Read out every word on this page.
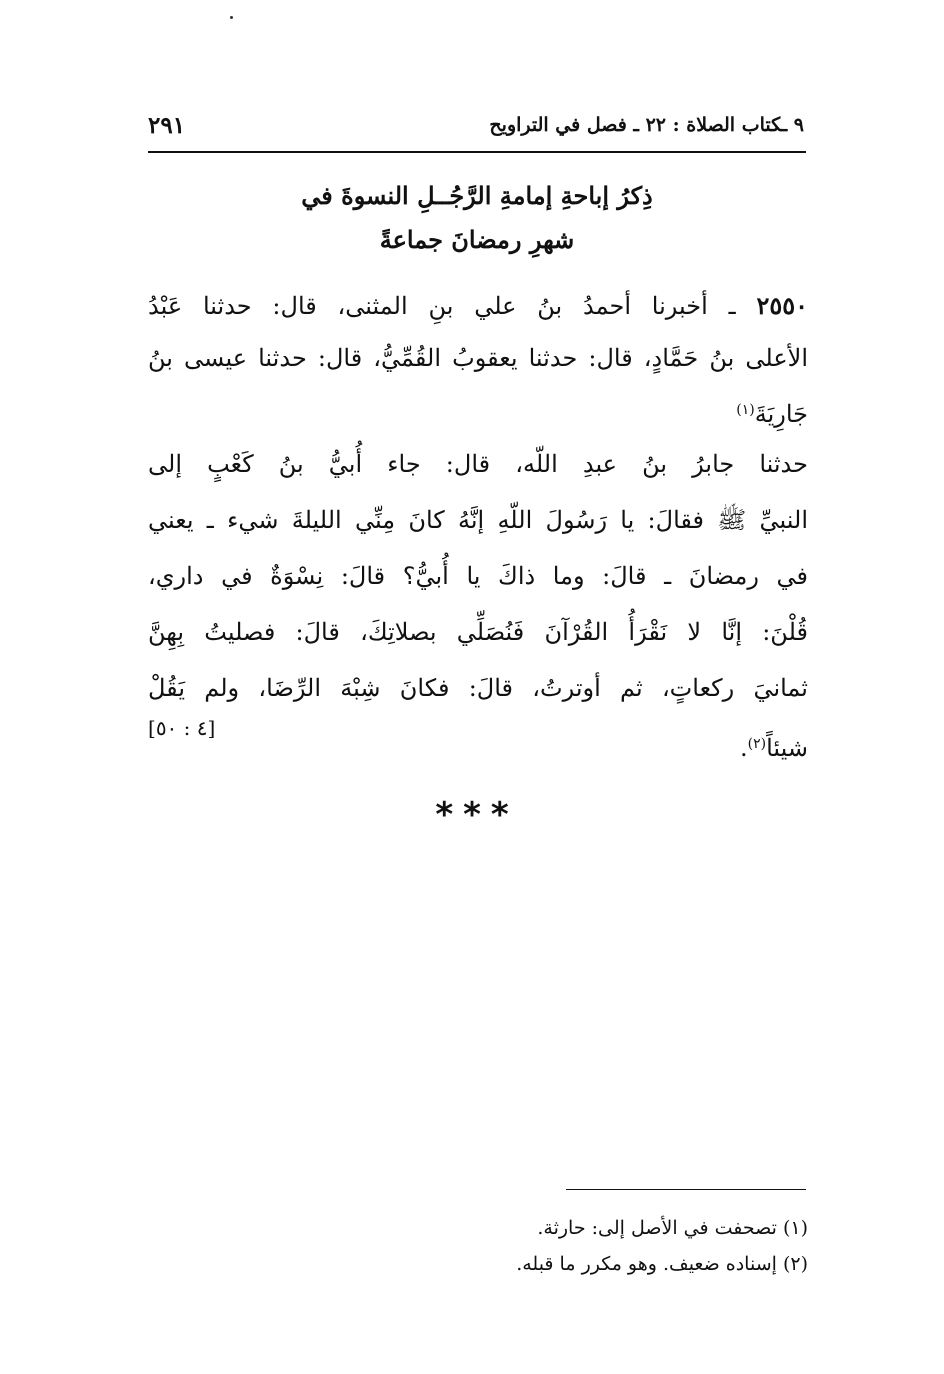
٩ ـكتاب الصلاة : ٢٢ ـ فصل في التراويح
٢٩١
ذِكرُ إباحةِ إمامةِ الرَّجُــلِ النسوةَ في
شهرِ رمضانَ جماعةً
٢٥٥٠ ـ أخبرنا أحمدُ بنُ علي بنِ المثنى، قال: حدثنا عَبْدُ
الأعلى بنُ حَمَّادٍ، قال: حدثنا يعقوبُ القُمِّيُّ، قال: حدثنا عيسى بنُ
جَارِيَةَ$^{(١)}$
حدثنا جابرُ بنُ عبدِ اللّه، قال: جاء أُبيُّ بنُ كَعْبٍ إلى
النبيِّ ﷺ فقالَ: يا رَسُولَ اللّهِ إنَّهُ كانَ مِنِّي الليلةَ شيء ـ يعني
في رمضانَ ـ قالَ: وما ذاكَ يا أُبيُّ؟ قالَ: نِسْوَةٌ في داري،
قُلْنَ: إنَّا لا نَقْرَأُ القُرْآنَ فَنُصَلِّي بصلاتِكَ، قالَ: فصليتُ بِهِنَّ
ثمانيَ ركعاتٍ، ثم أوترتُ، قالَ: فكانَ شِبْهَ الرِّضَا، ولم يَقُلْ
شيئاً$^{(٢)}$.
[٤ : ٥٠]
***
(١) تصحفت في الأصل إلى: حارثة.
(٢) إسناده ضعيف. وهو مكرر ما قبله.
